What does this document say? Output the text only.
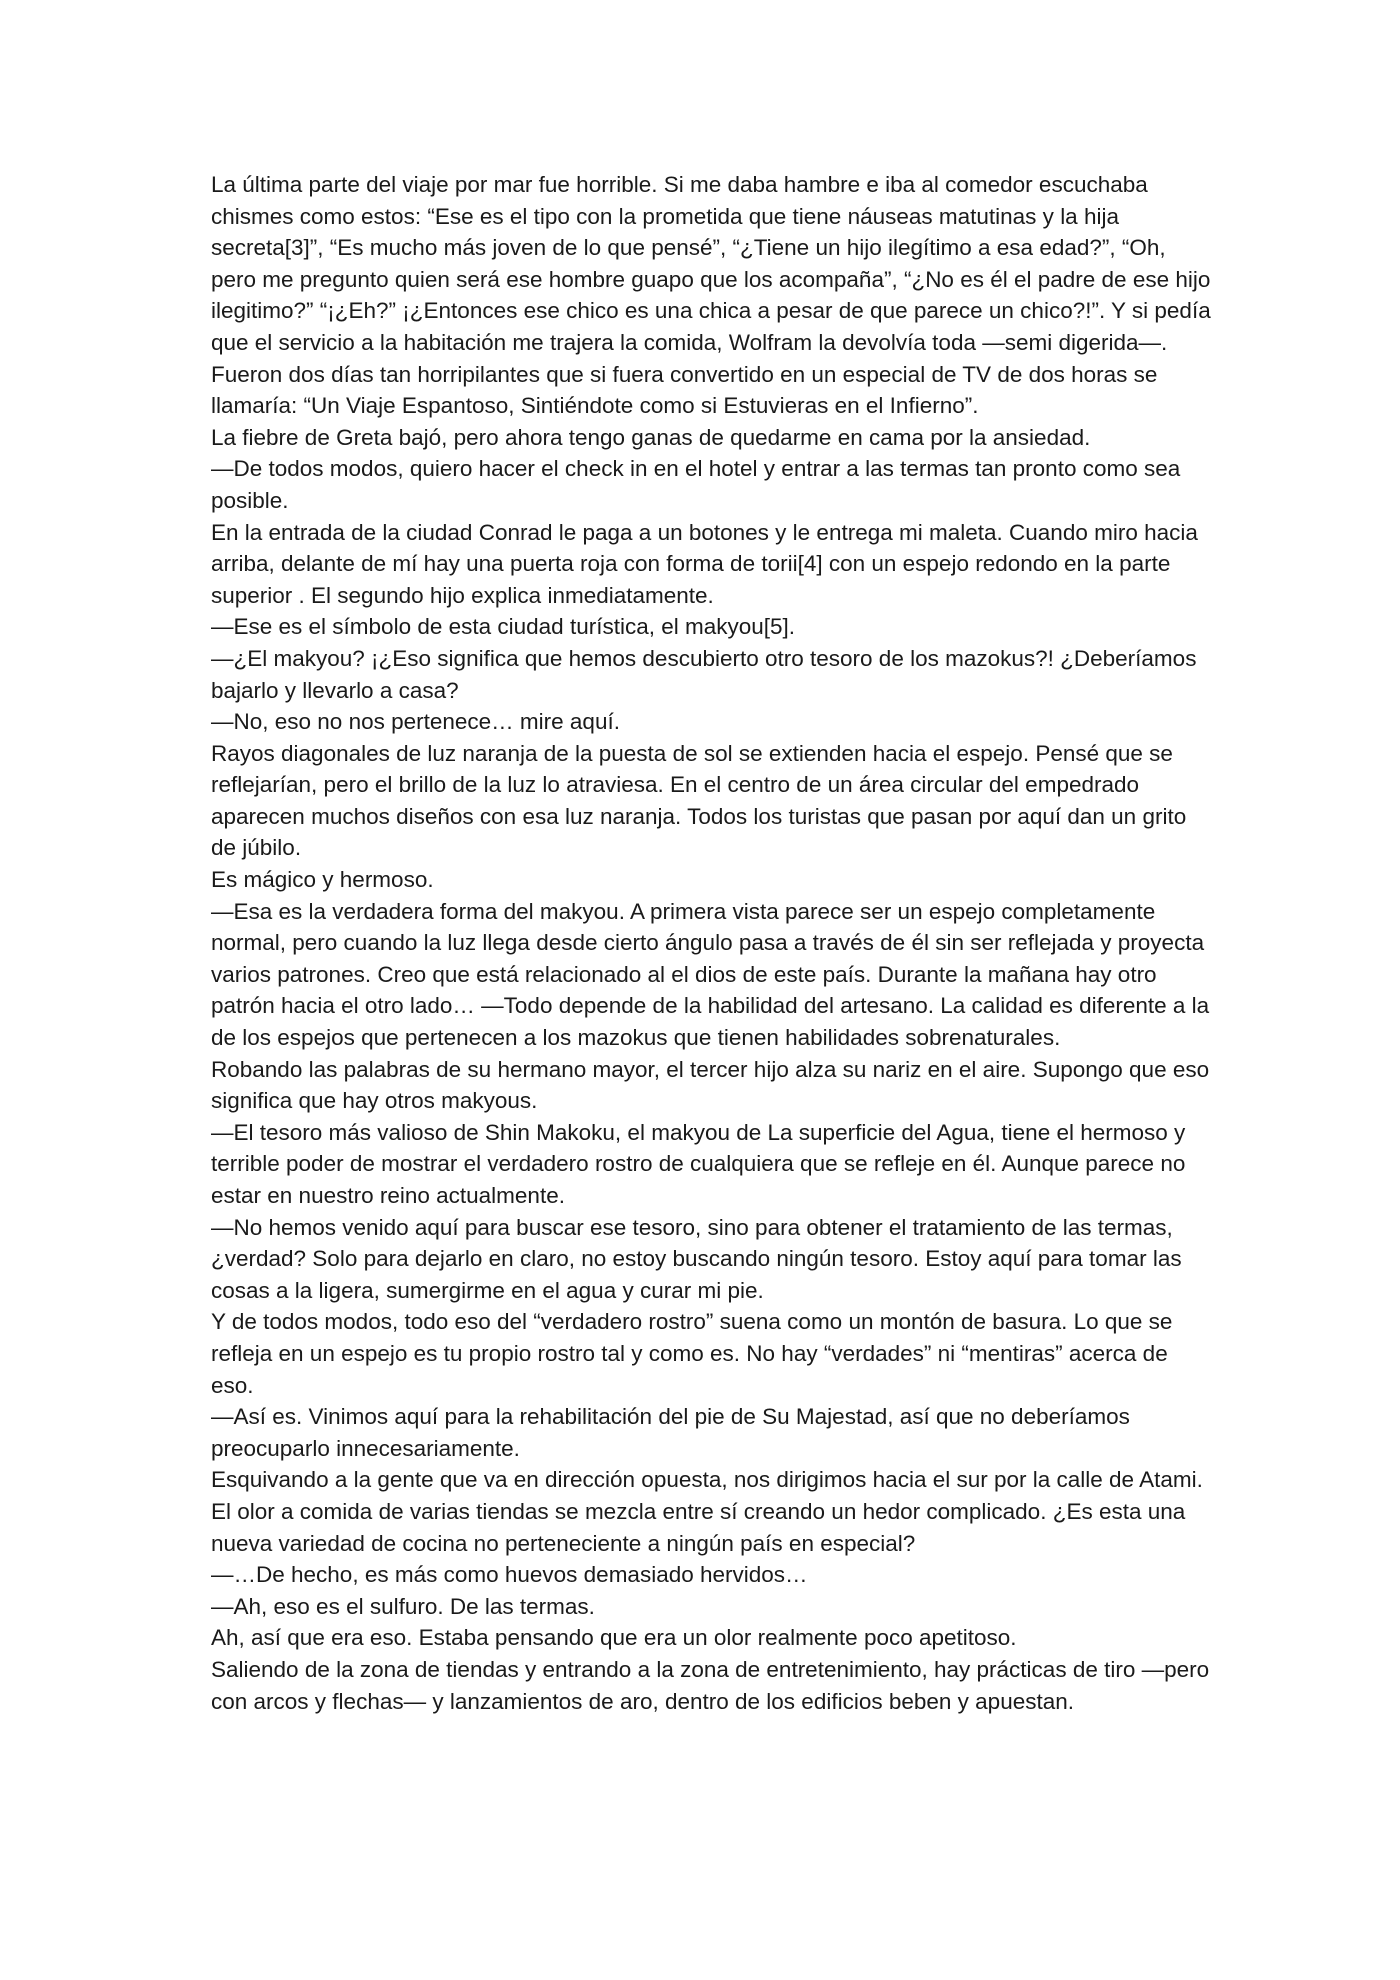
La última parte del viaje por mar fue horrible. Si me daba hambre e iba al comedor escuchaba chismes como estos: “Ese es el tipo con la prometida que tiene náuseas matutinas y la hija secreta[3]”, “Es mucho más joven de lo que pensé”, “¿Tiene un hijo ilegítimo a esa edad?”, “Oh, pero me pregunto quien será ese hombre guapo que los acompaña”, “¿No es él el padre de ese hijo ilegitimo?” “¡¿Eh?” ¡¿Entonces ese chico es una chica a pesar de que parece un chico?!”. Y si pedía que el servicio a la habitación me trajera la comida, Wolfram la devolvía toda —semi digerida—. Fueron dos días tan horripilantes que si fuera convertido en un especial de TV de dos horas se llamaría: “Un Viaje Espantoso, Sintiéndote como si Estuvieras en el Infierno”.

La fiebre de Greta bajó, pero ahora tengo ganas de quedarme en cama por la ansiedad.

—De todos modos, quiero hacer el check in en el hotel y entrar a las termas tan pronto como sea posible.

En la entrada de la ciudad Conrad le paga a un botones y le entrega mi maleta. Cuando miro hacia arriba, delante de mí hay una puerta roja con forma de torii[4] con un espejo redondo en la parte superior . El segundo hijo explica inmediatamente.

—Ese es el símbolo de esta ciudad turística, el makyou[5].

—¿El makyou? ¡¿Eso significa que hemos descubierto otro tesoro de los mazokus?! ¿Deberíamos bajarlo y llevarlo a casa?

—No, eso no nos pertenece… mire aquí.

Rayos diagonales de luz naranja de la puesta de sol se extienden hacia el espejo. Pensé que se reflejarían, pero el brillo de la luz lo atraviesa. En el centro de un área circular del empedrado aparecen muchos diseños con esa luz naranja. Todos los turistas que pasan por aquí dan un grito de júbilo.

Es mágico y hermoso.

—Esa es la verdadera forma del makyou. A primera vista parece ser un espejo completamente normal, pero cuando la luz llega desde cierto ángulo pasa a través de él sin ser reflejada y proyecta varios patrones. Creo que está relacionado al el dios de este país. Durante la mañana hay otro patrón hacia el otro lado… —Todo depende de la habilidad del artesano. La calidad es diferente a la de los espejos que pertenecen a los mazokus que tienen habilidades sobrenaturales.

Robando las palabras de su hermano mayor, el tercer hijo alza su nariz en el aire. Supongo que eso significa que hay otros makyous.

—El tesoro más valioso de Shin Makoku, el makyou de La superficie del Agua, tiene el hermoso y terrible poder de mostrar el verdadero rostro de cualquiera que se refleje en él. Aunque parece no estar en nuestro reino actualmente.

—No hemos venido aquí para buscar ese tesoro, sino para obtener el tratamiento de las termas, ¿verdad? Solo para dejarlo en claro, no estoy buscando ningún tesoro. Estoy aquí para tomar las cosas a la ligera, sumergirme en el agua y curar mi pie.

Y de todos modos, todo eso del “verdadero rostro” suena como un montón de basura. Lo que se refleja en un espejo es tu propio rostro tal y como es. No hay “verdades” ni “mentiras” acerca de eso.

—Así es. Vinimos aquí para la rehabilitación del pie de Su Majestad, así que no deberíamos preocuparlo innecesariamente.

Esquivando a la gente que va en dirección opuesta, nos dirigimos hacia el sur por la calle de Atami. El olor a comida de varias tiendas se mezcla entre sí creando un hedor complicado. ¿Es esta una nueva variedad de cocina no perteneciente a ningún país en especial?

—…De hecho, es más como huevos demasiado hervidos…

—Ah, eso es el sulfuro. De las termas.

Ah, así que era eso. Estaba pensando que era un olor realmente poco apetitoso.

Saliendo de la zona de tiendas y entrando a la zona de entretenimiento, hay prácticas de tiro —pero con arcos y flechas— y lanzamientos de aro, dentro de los edificios beben y apuestan.
